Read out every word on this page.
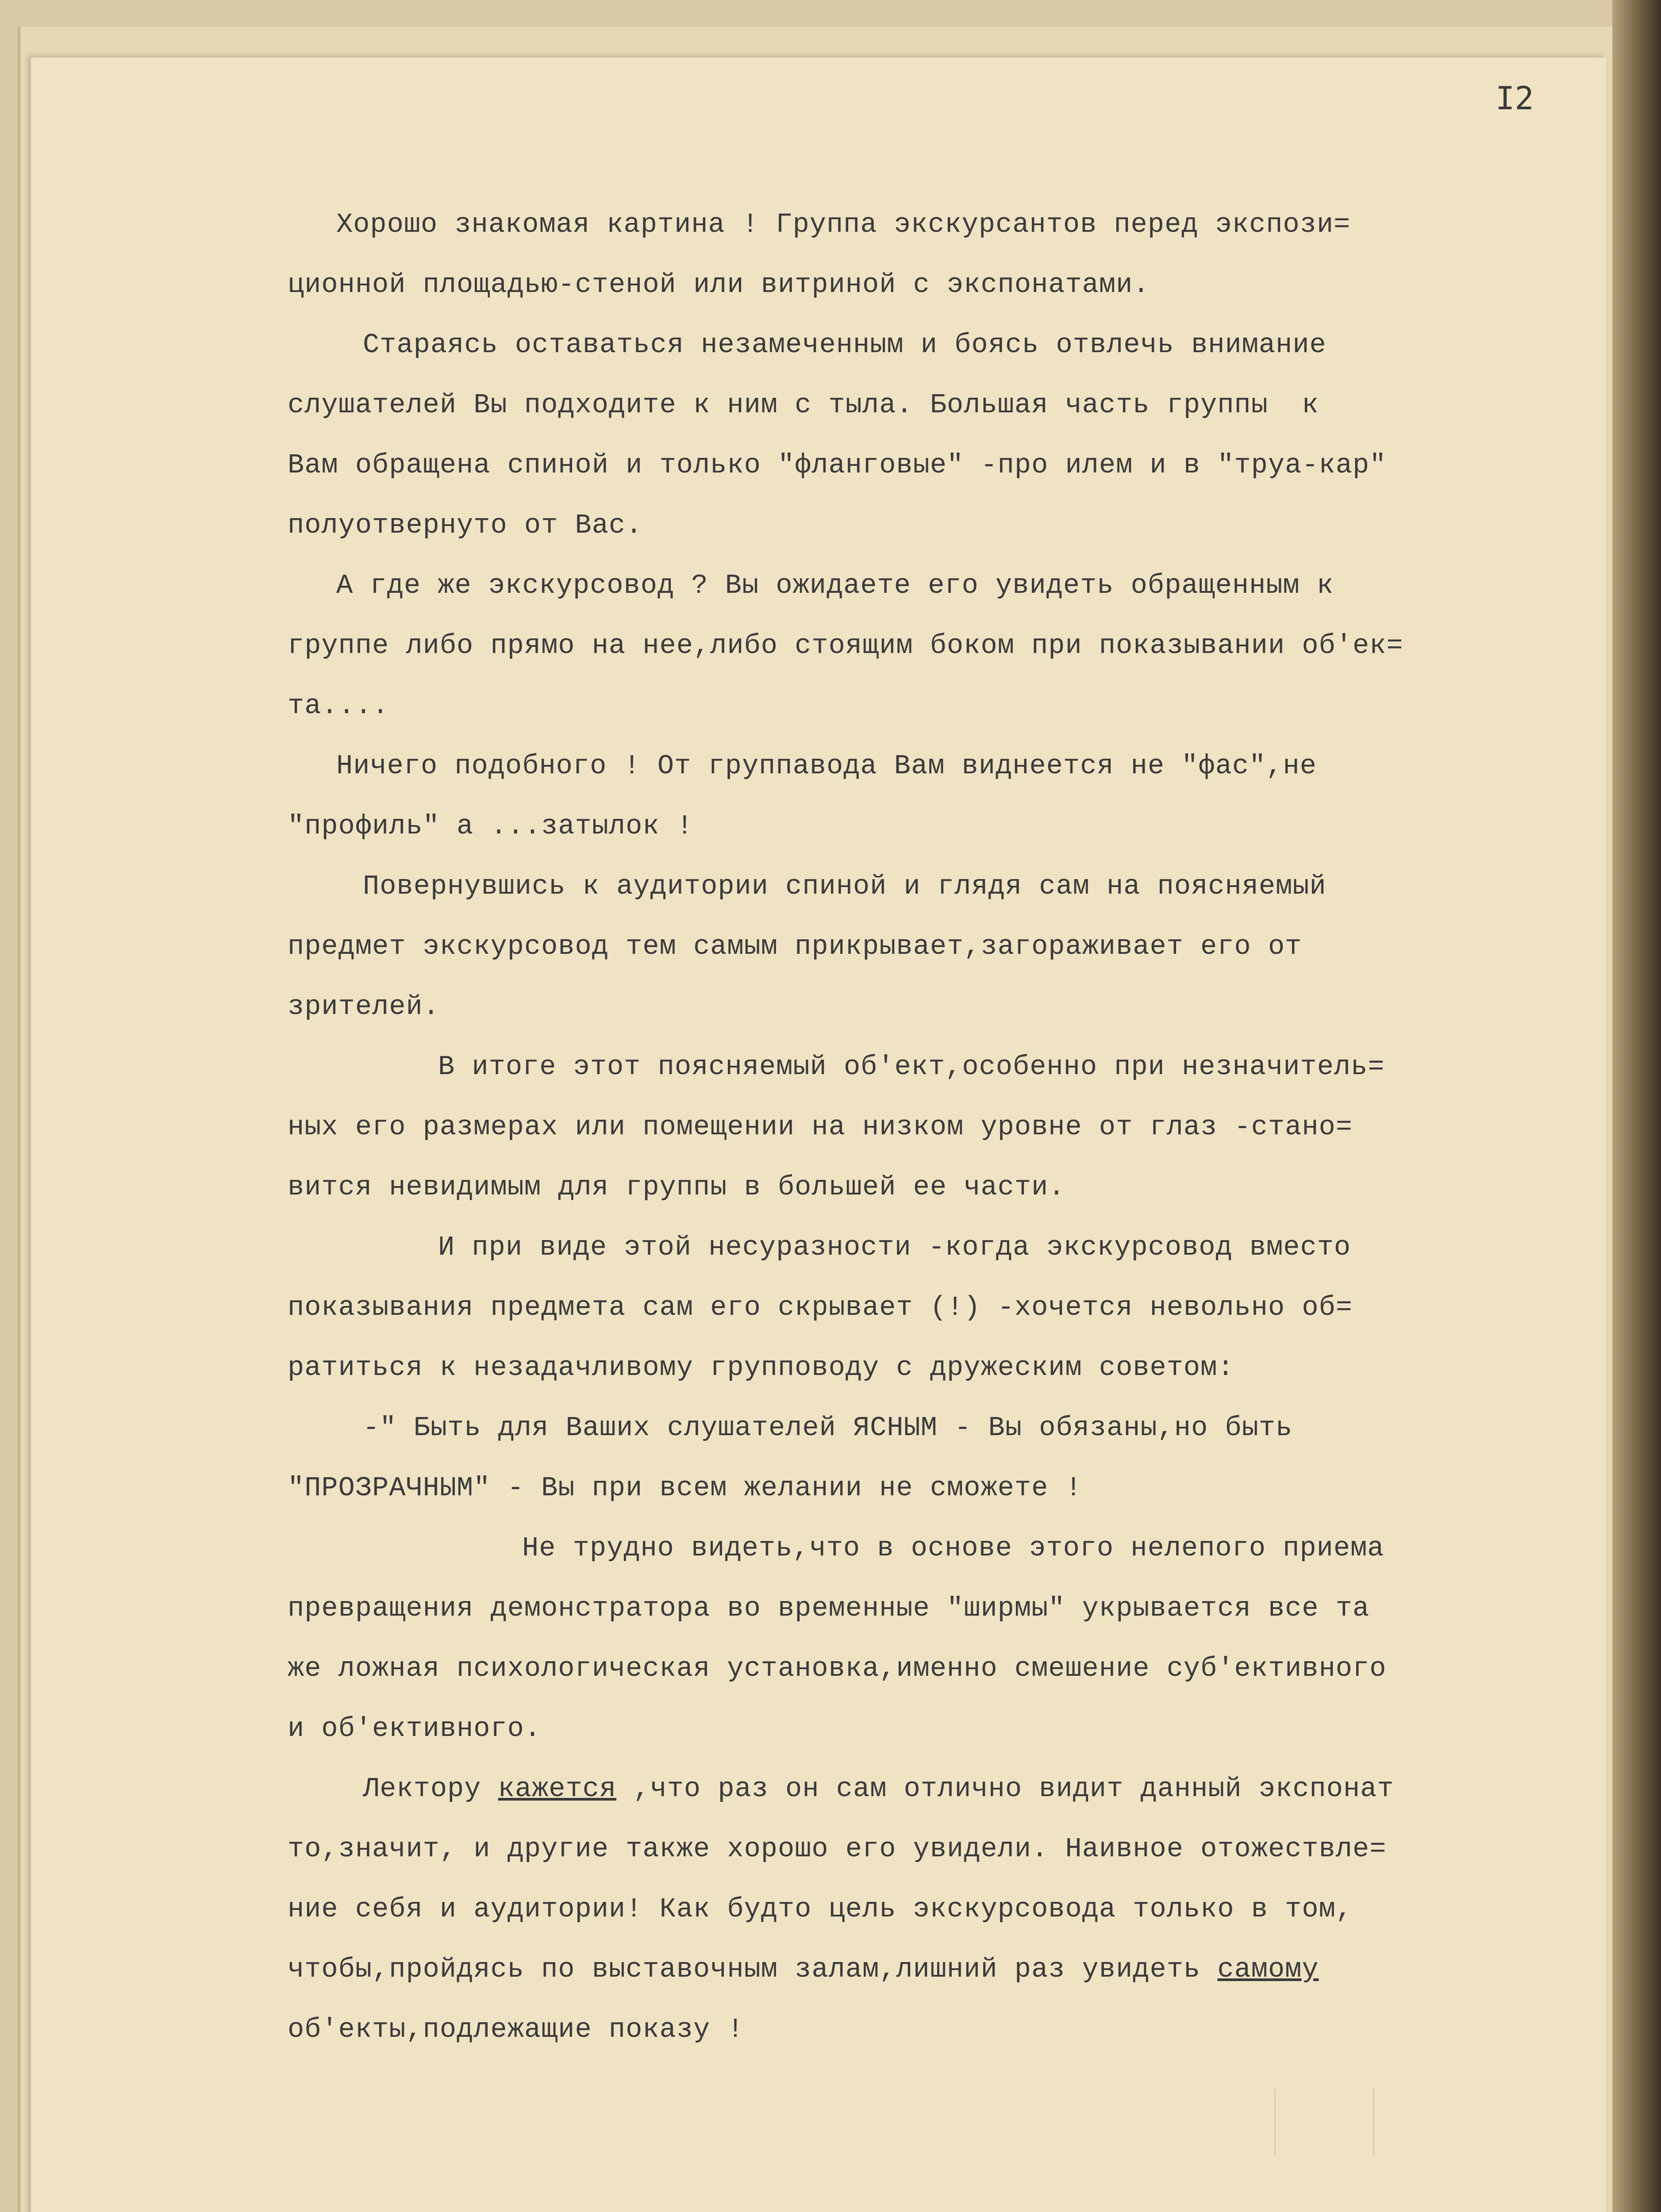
I2
Хорошо знакомая картина ! Группа экскурсантов перед экспози=
ционной площадью-стеной или витриной с экспонатами.
Стараясь оставаться незамеченным и боясь отвлечь внимание
слушателей Вы подходите к ним с тыла. Большая часть группы  к
Вам обращена спиной и только "фланговые" -про илем и в "труа-кар"
полуотвернуто от Вас.
А где же экскурсовод ? Вы ожидаете его увидеть обращенным к
группе либо прямо на нее,либо стоящим боком при показывании об'ек=
та....
Ничего подобного ! От группавода Вам виднеется не "фас",не
"профиль" а ...затылок !
Повернувшись к аудитории спиной и глядя сам на поясняемый
предмет экскурсовод тем самым прикрывает,загораживает его от
зрителей.
В итоге этот поясняемый об'ект,особенно при незначитель=
ных его размерах или помещении на низком уровне от глаз -стано=
вится невидимым для группы в большей ее части.
И при виде этой несуразности -когда экскурсовод вместо
показывания предмета сам его скрывает (!) -хочется невольно об=
ратиться к незадачливому групповоду с дружеским советом:
-" Быть для Ваших слушателей ЯСНЫМ - Вы обязаны,но быть
"ПРОЗРАЧНЫМ" - Вы при всем желании не сможете !
Не трудно видеть,что в основе этого нелепого приема
превращения демонстратора во временные "ширмы" укрывается все та
же ложная психологическая установка,именно смешение суб'ективного
и об'ективного.
Лектору кажется ,что раз он сам отлично видит данный экспонат
то,значит, и другие также хорошо его увидели. Наивное отожествле=
ние себя и аудитории! Как будто цель экскурсовода только в том,
чтобы,пройдясь по выставочным залам,лишний раз увидеть самому
об'екты,подлежащие показу !
